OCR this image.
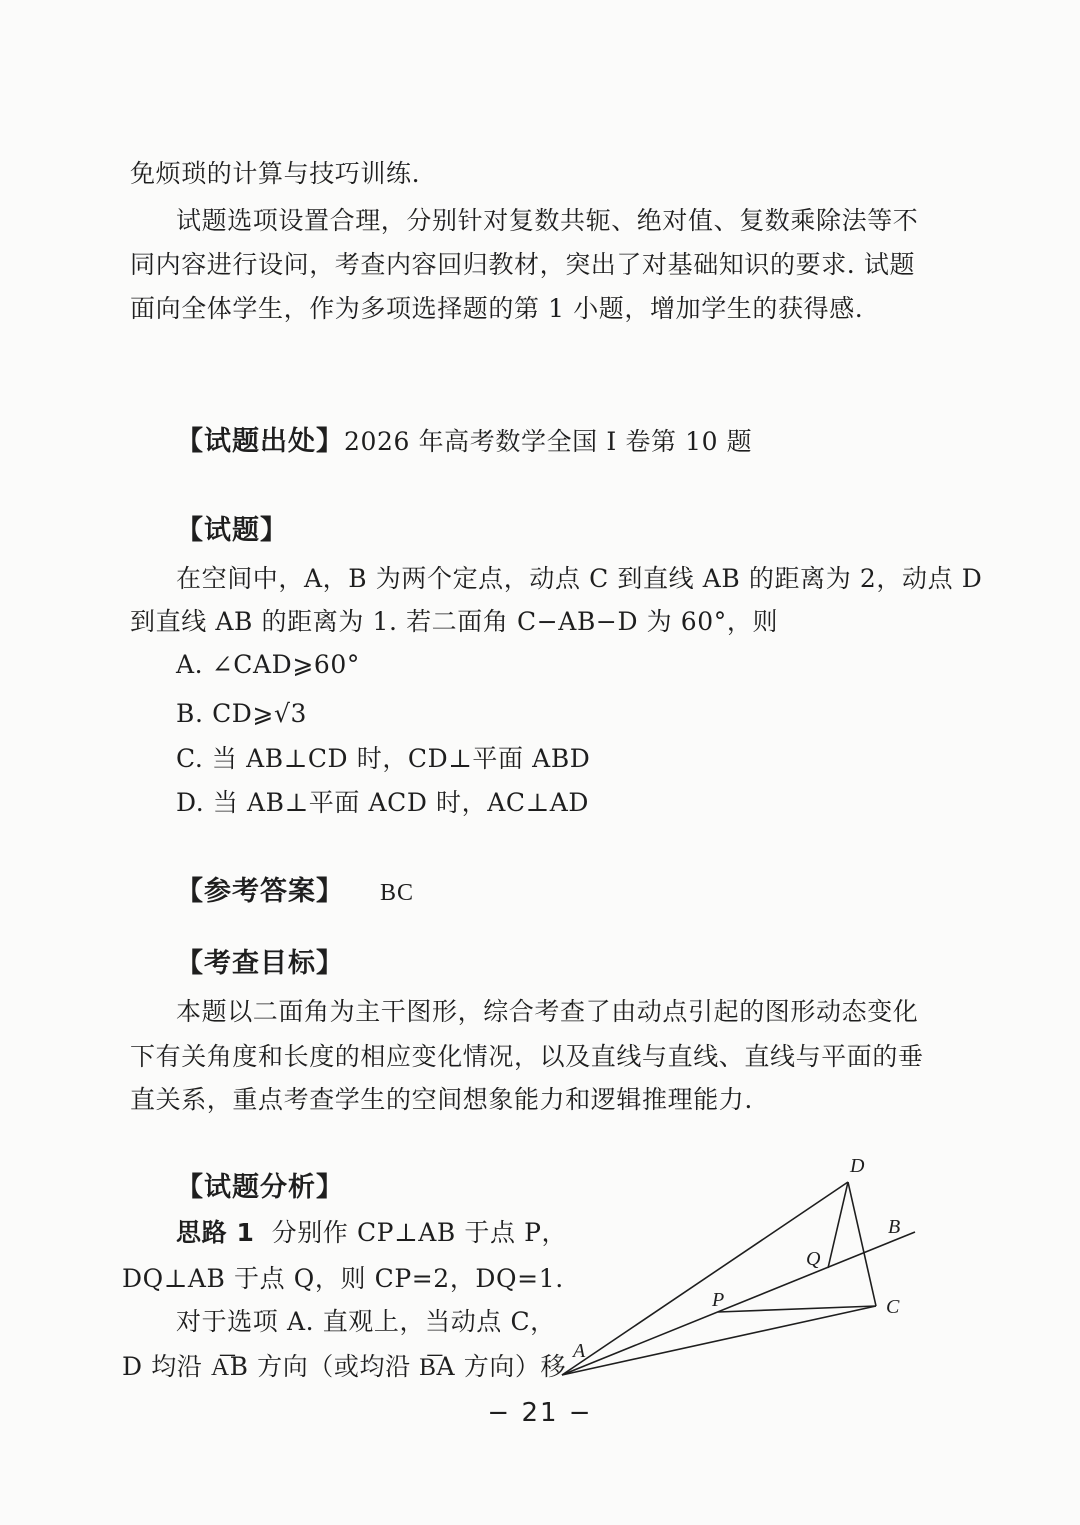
免烦琐的计算与技巧训练.
试题选项设置合理，分别针对复数共轭、绝对值、复数乘除法等不
同内容进行设问，考查内容回归教材，突出了对基础知识的要求. 试题
面向全体学生，作为多项选择题的第 1 小题，增加学生的获得感.
【试题出处】2026 年高考数学全国 I 卷第 10 题
【试题】
在空间中，A，B 为两个定点，动点 C 到直线 AB 的距离为 2，动点 D
到直线 AB 的距离为 1. 若二面角 C−AB−D 为 60°，则
A. ∠CAD⩾60°
B. CD⩾√3
C. 当 AB⊥CD 时，CD⊥平面 ABD
D. 当 AB⊥平面 ACD 时，AC⊥AD
【参考答案】 BC
【考查目标】
本题以二面角为主干图形，综合考查了由动点引起的图形动态变化
下有关角度和长度的相应变化情况，以及直线与直线、直线与平面的垂
直关系，重点考查学生的空间想象能力和逻辑推理能力.
【试题分析】
思路 1 分别作 CP⊥AB 于点 P，
DQ⊥AB 于点 Q，则 CP=2，DQ=1.
对于选项 A. 直观上，当动点 C，
D 均沿 A͞B 方向（或均沿 B͞A 方向）移
D
B
Q
P	C
A
− 21 −
